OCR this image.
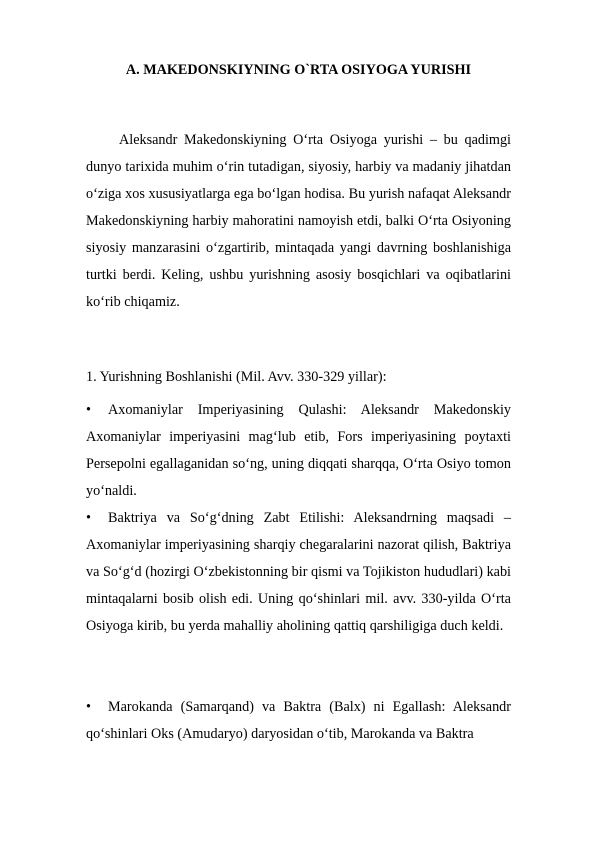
A. MAKEDONSKIYNING O`RTA OSIYOGA YURISHI

Aleksandr Makedonskiyning O‘rta Osiyoga yurishi – bu qadimgi dunyo tarixida muhim o‘rin tutadigan, siyosiy, harbiy va madaniy jihatdan o‘ziga xos xususiyatlarga ega bo‘lgan hodisa. Bu yurish nafaqat Aleksandr Makedonskiyning harbiy mahoratini namoyish etdi, balki O‘rta Osiyoning siyosiy manzarasini o‘zgartirib, mintaqada yangi davrning boshlanishiga turtki berdi. Keling, ushbu yurishning asosiy bosqichlari va oqibatlarini ko‘rib chiqamiz.

1. Yurishning Boshlanishi (Mil. Avv. 330-329 yillar):

• Axomaniylar Imperiyasining Qulashi: Aleksandr Makedonskiy Axomaniylar imperiyasini mag‘lub etib, Fors imperiyasining poytaxti Persepolni egallaganidan so‘ng, uning diqqati sharqqa, O‘rta Osiyo tomon yo‘naldi.

• Baktriya va So‘g‘dning Zabt Etilishi: Aleksandrning maqsadi – Axomaniylar imperiyasining sharqiy chegaralarini nazorat qilish, Baktriya va So‘g‘d (hozirgi O‘zbekistonning bir qismi va Tojikiston hududlari) kabi mintaqalarni bosib olish edi. Uning qo‘shinlari mil. avv. 330-yilda O‘rta Osiyoga kirib, bu yerda mahalliy aholining qattiq qarshiligiga duch keldi.

• Marokanda (Samarqand) va Baktra (Balx) ni Egallash: Aleksandr qo‘shinlari Oks (Amudaryo) daryosidan o‘tib, Marokanda va Baktra
